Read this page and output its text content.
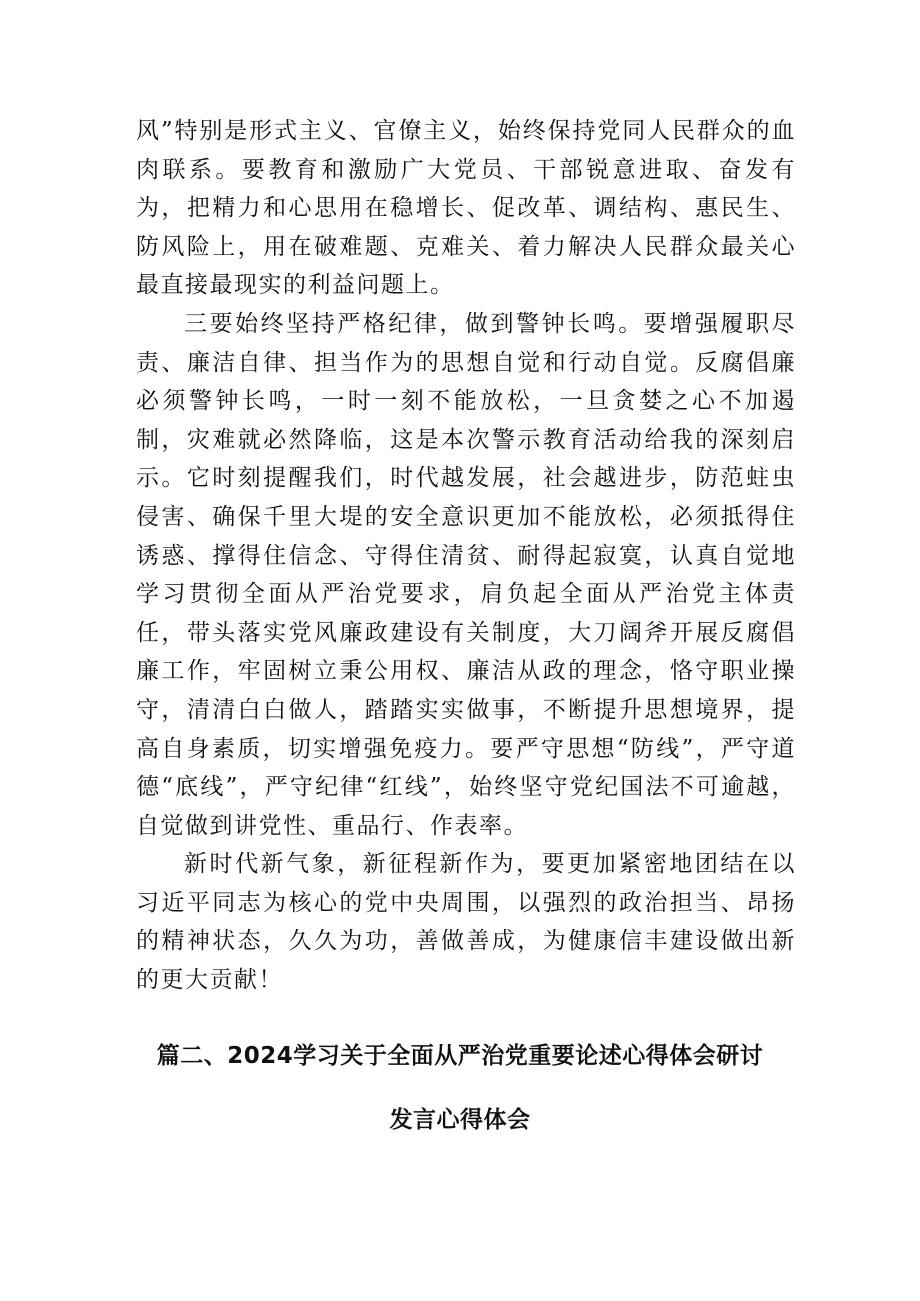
风”特别是形式主义、官僚主义，始终保持党同人民群众的血肉联系。要教育和激励广大党员、干部锐意进取、奋发有为，把精力和心思用在稳增长、促改革、调结构、惠民生、防风险上，用在破难题、克难关、着力解决人民群众最关心最直接最现实的利益问题上。

三要始终坚持严格纪律，做到警钟长鸣。要增强履职尽责、廉洁自律、担当作为的思想自觉和行动自觉。反腐倡廉必须警钟长鸣，一时一刻不能放松，一旦贪婪之心不加遏制，灾难就必然降临，这是本次警示教育活动给我的深刻启示。它时刻提醒我们，时代越发展，社会越进步，防范蛀虫侵害、确保千里大堤的安全意识更加不能放松，必须抵得住诱惑、撑得住信念、守得住清贫、耐得起寂寞，认真自觉地学习贯彻全面从严治党要求，肩负起全面从严治党主体责任，带头落实党风廉政建设有关制度，大刀阔斧开展反腐倡廉工作，牢固树立秉公用权、廉洁从政的理念，恪守职业操守，清清白白做人，踏踏实实做事，不断提升思想境界，提高自身素质，切实增强免疫力。要严守思想“防线”，严守道德“底线”，严守纪律“红线”，始终坚守党纪国法不可逾越，自觉做到讲党性、重品行、作表率。

新时代新气象，新征程新作为，要更加紧密地团结在以习近平同志为核心的党中央周围，以强烈的政治担当、昂扬的精神状态，久久为功，善做善成，为健康信丰建设做出新的更大贡献！

篇二、2024学习关于全面从严治党重要论述心得体会研讨

发言心得体会
